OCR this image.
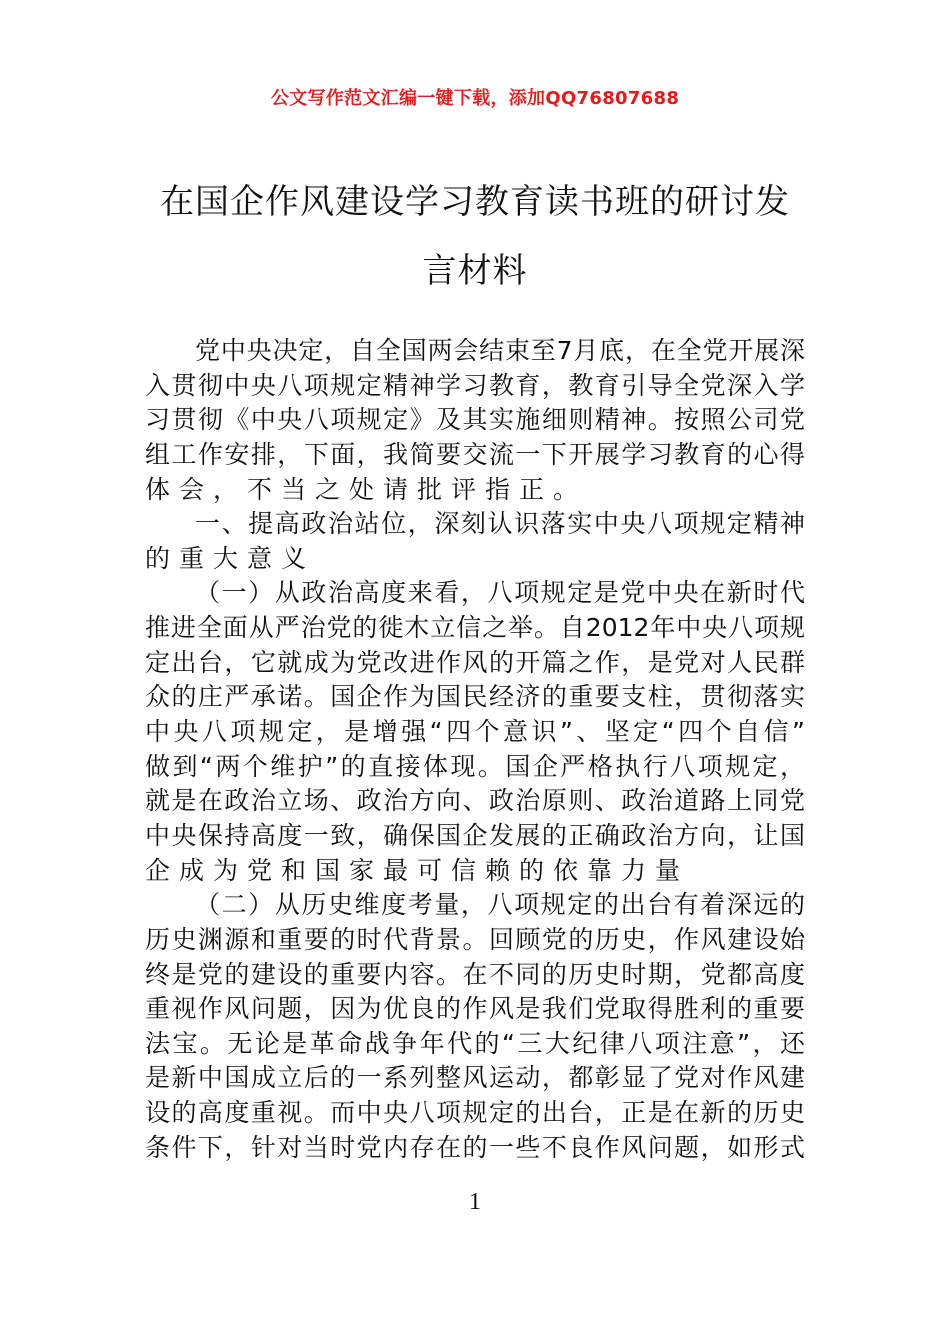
公文写作范文汇编一键下载，添加QQ76807688
在国企作风建设学习教育读书班的研讨发
言材料
党中央决定，自全国两会结束至7月底，在全党开展深
入贯彻中央八项规定精神学习教育，教育引导全党深入学
习贯彻《中央八项规定》及其实施细则精神。按照公司党
组工作安排，下面，我简要交流一下开展学习教育的心得
体会，不当之处请批评指正。
一、提高政治站位，深刻认识落实中央八项规定精神
的重大意义
（一）从政治高度来看，八项规定是党中央在新时代
推进全面从严治党的徙木立信之举。自2012年中央八项规
定出台，它就成为党改进作风的开篇之作，是党对人民群
众的庄严承诺。国企作为国民经济的重要支柱，贯彻落实
中央八项规定，是增强“四个意识”、坚定“四个自信”
做到“两个维护”的直接体现。国企严格执行八项规定，
就是在政治立场、政治方向、政治原则、政治道路上同党
中央保持高度一致，确保国企发展的正确政治方向，让国
企成为党和国家最可信赖的依靠力量
（二）从历史维度考量，八项规定的出台有着深远的
历史渊源和重要的时代背景。回顾党的历史，作风建设始
终是党的建设的重要内容。在不同的历史时期，党都高度
重视作风问题，因为优良的作风是我们党取得胜利的重要
法宝。无论是革命战争年代的“三大纪律八项注意”，还
是新中国成立后的一系列整风运动，都彰显了党对作风建
设的高度重视。而中央八项规定的出台，正是在新的历史
条件下，针对当时党内存在的一些不良作风问题，如形式
1
